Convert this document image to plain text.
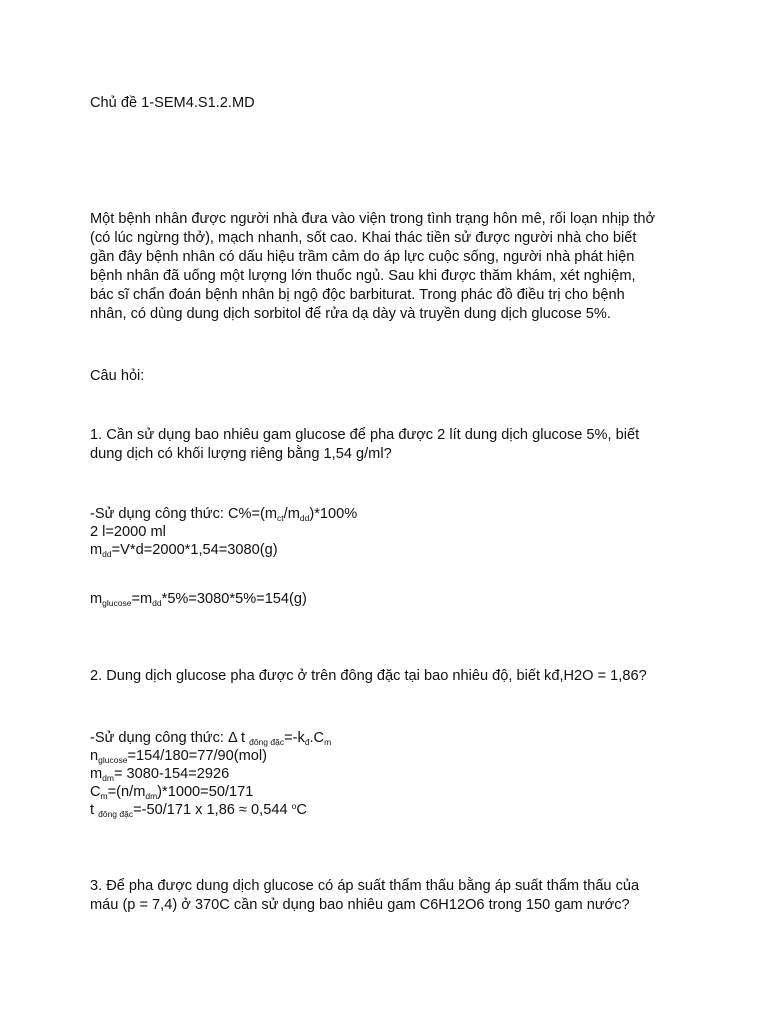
Chủ đề 1-SEM4.S1.2.MD
Một bệnh nhân được người nhà đưa vào viện trong tình trạng hôn mê, rối loạn nhịp thở
(có lúc ngừng thở), mạch nhanh, sốt cao. Khai thác tiền sử được người nhà cho biết
gần đây bệnh nhân có dấu hiệu trầm cảm do áp lực cuộc sống, người nhà phát hiện
bệnh nhân đã uống một lượng lớn thuốc ngủ. Sau khi được thăm khám, xét nghiệm,
bác sĩ chẩn đoán bệnh nhân bị ngộ độc barbiturat. Trong phác đồ điều trị cho bệnh
nhân, có dùng dung dịch sorbitol để rửa dạ dày và truyền dung dịch glucose 5%.
Câu hỏi:
1. Cần sử dụng bao nhiêu gam glucose để pha được 2 lít dung dịch glucose 5%, biết
dung dịch có khối lượng riêng bằng 1,54 g/ml?
-Sử dụng công thức: $C\%=(m_{ct}/m_{dd})*100\%$
2 l=2000 ml
$m_{dd}=V*d=2000*1,54=3080(g)$
$m_{glucose}=m_{dd}*5\%=3080*5\%=154(g)$
2. Dung dịch glucose pha được ở trên đông đặc tại bao nhiêu độ, biết kđ,H2O = 1,86?
-Sử dụng công thức: Δ t $_{đông đặc}=-k_đ.C_m$
$n_{glucose}=154/180=77/90(mol)$
$m_{dm}= 3080-154=2926$
$C_m=(n/m_{dm})*1000=50/171$
t $_{đông đặc}$=-50/171 x 1,86 ≈ 0,544 $^o$C
3. Để pha được dung dịch glucose có áp suất thẩm thấu bằng áp suất thẩm thấu của
máu (p = 7,4) ở 370C cần sử dụng bao nhiêu gam C6H12O6 trong 150 gam nước?
